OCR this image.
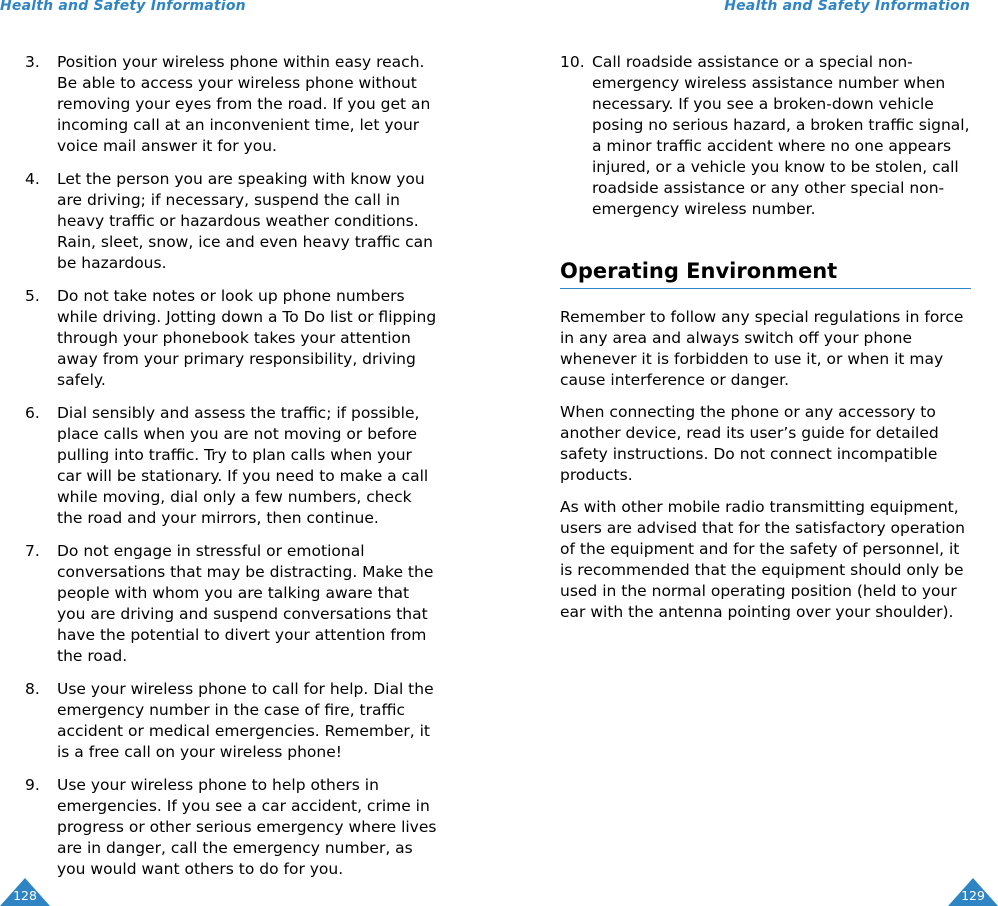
Health and Safety Information	Health and Safety Information
3. Position your wireless phone within easy reach. Be able to access your wireless phone without removing your eyes from the road. If you get an incoming call at an inconvenient time, let your voice mail answer it for you.
4. Let the person you are speaking with know you are driving; if necessary, suspend the call in heavy traffic or hazardous weather conditions. Rain, sleet, snow, ice and even heavy traffic can be hazardous.
5. Do not take notes or look up phone numbers while driving. Jotting down a To Do list or flipping through your phonebook takes your attention away from your primary responsibility, driving safely.
6. Dial sensibly and assess the traffic; if possible, place calls when you are not moving or before pulling into traffic. Try to plan calls when your car will be stationary. If you need to make a call while moving, dial only a few numbers, check the road and your mirrors, then continue.
7. Do not engage in stressful or emotional conversations that may be distracting. Make the people with whom you are talking aware that you are driving and suspend conversations that have the potential to divert your attention from the road.
8. Use your wireless phone to call for help. Dial the emergency number in the case of fire, traffic accident or medical emergencies. Remember, it is a free call on your wireless phone!
9. Use your wireless phone to help others in emergencies. If you see a car accident, crime in progress or other serious emergency where lives are in danger, call the emergency number, as you would want others to do for you.
10. Call roadside assistance or a special non-emergency wireless assistance number when necessary. If you see a broken-down vehicle posing no serious hazard, a broken traffic signal, a minor traffic accident where no one appears injured, or a vehicle you know to be stolen, call roadside assistance or any other special non-emergency wireless number.
Operating Environment

Remember to follow any special regulations in force in any area and always switch off your phone whenever it is forbidden to use it, or when it may cause interference or danger.

When connecting the phone or any accessory to another device, read its user’s guide for detailed safety instructions. Do not connect incompatible products.

As with other mobile radio transmitting equipment, users are advised that for the satisfactory operation of the equipment and for the safety of personnel, it is recommended that the equipment should only be used in the normal operating position (held to your ear with the antenna pointing over your shoulder).

128	129
